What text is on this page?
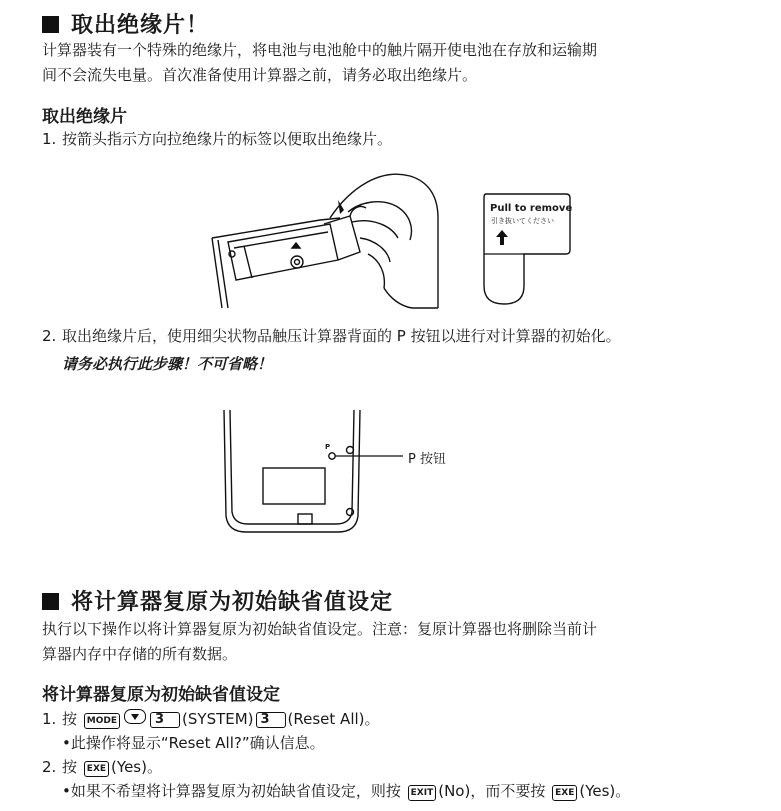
取出绝缘片！
计算器装有一个特殊的绝缘片，将电池与电池舱中的触片隔开使电池在存放和运输期
间不会流失电量。首次准备使用计算器之前，请务必取出绝缘片。
取出绝缘片
1. 按箭头指示方向拉绝缘片的标签以便取出绝缘片。
Pull to remove
引き抜いてください
2. 取出绝缘片后，使用细尖状物品触压计算器背面的 P 按钮以进行对计算器的初始化。
请务必执行此步骤！不可省略！
P
P 按钮
将计算器复原为初始缺省值设定
执行以下操作以将计算器复原为初始缺省值设定。注意：复原计算器也将删除当前计
算器内存中存储的所有数据。
将计算器复原为初始缺省值设定
1. 按 MODE	3 (SYSTEM) 3 (Reset All)。
•此操作将显示“Reset All?”确认信息。
2. 按 EXE (Yes)。
•如果不希望将计算器复原为初始缺省值设定，则按 EXIT (No)，而不要按 EXE (Yes)。
